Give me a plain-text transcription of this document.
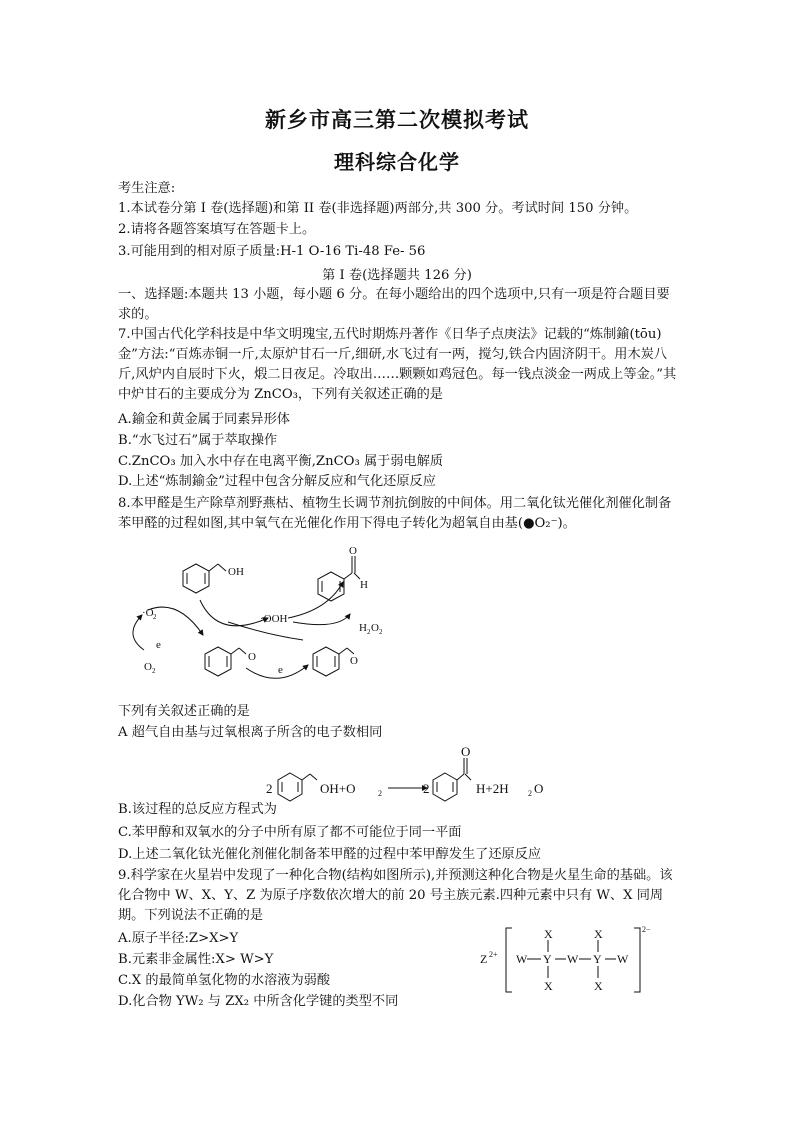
新乡市高三第二次模拟考试
理科综合化学
考生注意:
1.本试卷分第 I 卷(选择题)和第 II 卷(非选择题)两部分,共 300 分。考试时间 150 分钟。
2.请将各题答案填写在答题卡上。
3.可能用到的相对原子质量:H-1 O-16 Ti-48 Fe- 56
第 I 卷(选择题共 126 分)
一、选择题:本题共 13 小题，每小题 6 分。在每小题给出的四个选项中,只有一项是符合题目要求的。
7.中国古代化学科技是中华文明瑰宝,五代时期炼丹著作《日华子点庚法》记载的“炼制鍮(tōu)金”方法:“百炼赤铜一斤,太原炉甘石一斤,细研,水飞过有一两，搅匀,铁合内固济阴干。用木炭八斤,风炉内自辰时下火，煅二日夜足。冷取出……颗颗如鸡冠色。每一钱点淡金一两成上等金。”其中炉甘石的主要成分为 ZnCO₃，下列有关叙述正确的是
A.鍮金和黄金属于同素异形体
B.“水飞过石”属于萃取操作
C.ZnCO₃ 加入水中存在电离平衡,ZnCO₃ 属于弱电解质
D.上述“炼制鍮金”过程中包含分解反应和气化还原反应
8.本甲醛是生产除草剂野燕枯、植物生长调节剂抗倒胺的中间体。用二氧化钛光催化剂催化制备苯甲醛的过程如图,其中氧气在光催化作用下得电子转化为超氧自由基(●O₂⁻)。
OH
O
H
·O 2
e
O 2
·OOH
H 2 O 2
O
e
O
下列有关叙述正确的是
A 超气自由基与过氧根离子所含的电子数相同
2	OH+O	2	2
O
H+2H 2 O
B.该过程的总反应方程式为
C.苯甲醇和双氧水的分子中所有原了都不可能位于同一平面
D.上述二氧化钛光催化剂催化制备苯甲醛的过程中苯甲醇发生了还原反应
9.科学家在火星岩中发现了一种化合物(结构如图所示),并预测这种化合物是火星生命的基础。该化合物中 W、X、Y、Z 为原子序数依次增大的前 20 号主族元素.四种元素中只有 W、X 同周期。下列说法不正确的是
A.原子半径:Z>X>Y
B.元素非金属性:X> W>Y
C.X 的最简单氢化物的水溶液为弱酸
D.化合物 YW₂ 与 ZX₂ 中所含化学键的类型不同
Z 2+
2−
X	X
W Y W Y W
X	X
